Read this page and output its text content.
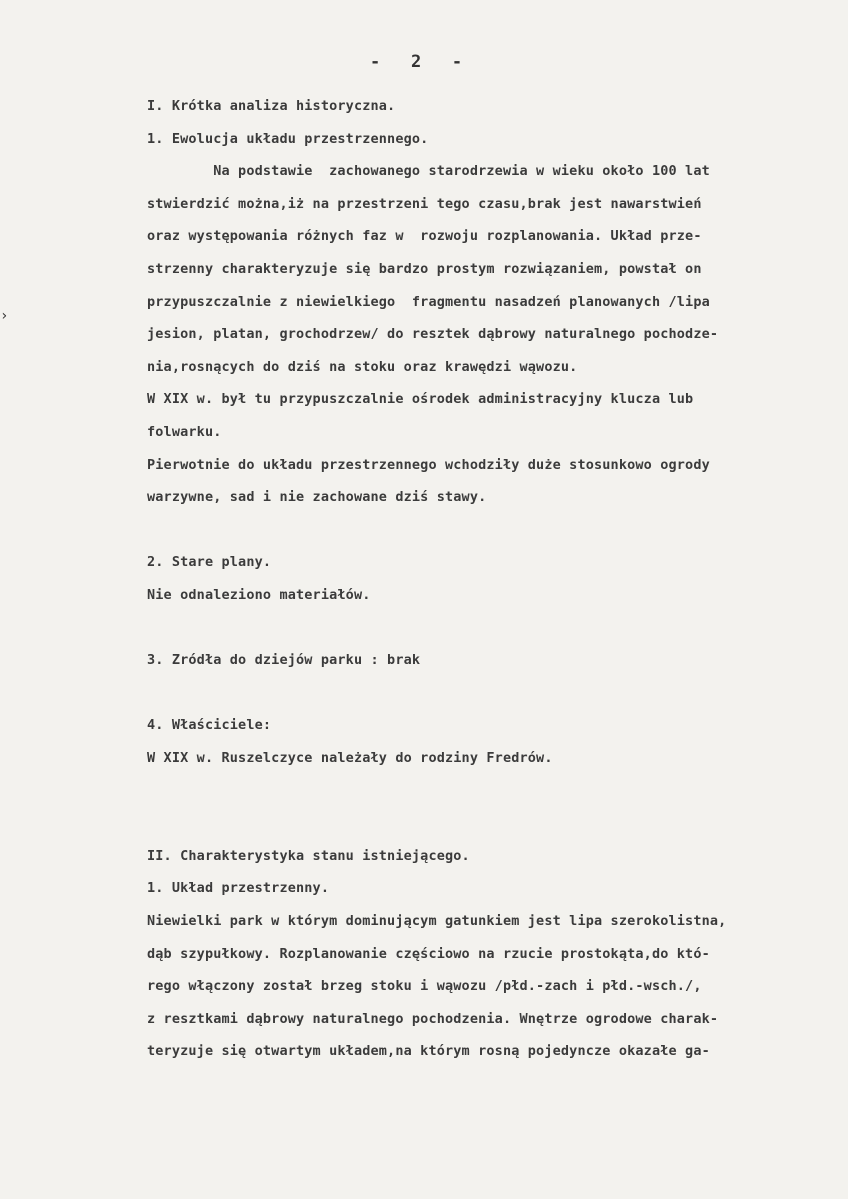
-   2   -
›
I. Krótka analiza historyczna.
1. Ewolucja układu przestrzennego.
Na podstawie  zachowanego starodrzewia w wieku około 100 lat
stwierdzić można,iż na przestrzeni tego czasu,brak jest nawarstwień
oraz występowania różnych faz w  rozwoju rozplanowania. Układ prze-
strzenny charakteryzuje się bardzo prostym rozwiązaniem, powstał on
przypuszczalnie z niewielkiego  fragmentu nasadzeń planowanych /lipa
jesion, platan, grochodrzew/ do resztek dąbrowy naturalnego pochodze-
nia,rosnących do dziś na stoku oraz krawędzi wąwozu.
W XIX w. był tu przypuszczalnie ośrodek administracyjny klucza lub
folwarku.
Pierwotnie do układu przestrzennego wchodziły duże stosunkowo ogrody
warzywne, sad i nie zachowane dziś stawy.
2. Stare plany.
Nie odnaleziono materiałów.
3. Zródła do dziejów parku : brak
4. Właściciele:
W XIX w. Ruszelczyce należały do rodziny Fredrów.
II. Charakterystyka stanu istniejącego.
1. Układ przestrzenny.
Niewielki park w którym dominującym gatunkiem jest lipa szerokolistna,
dąb szypułkowy. Rozplanowanie częściowo na rzucie prostokąta,do któ-
rego włączony został brzeg stoku i wąwozu /płd.-zach i płd.-wsch./,
z resztkami dąbrowy naturalnego pochodzenia. Wnętrze ogrodowe charak-
teryzuje się otwartym układem,na którym rosną pojedyncze okazałe ga-
